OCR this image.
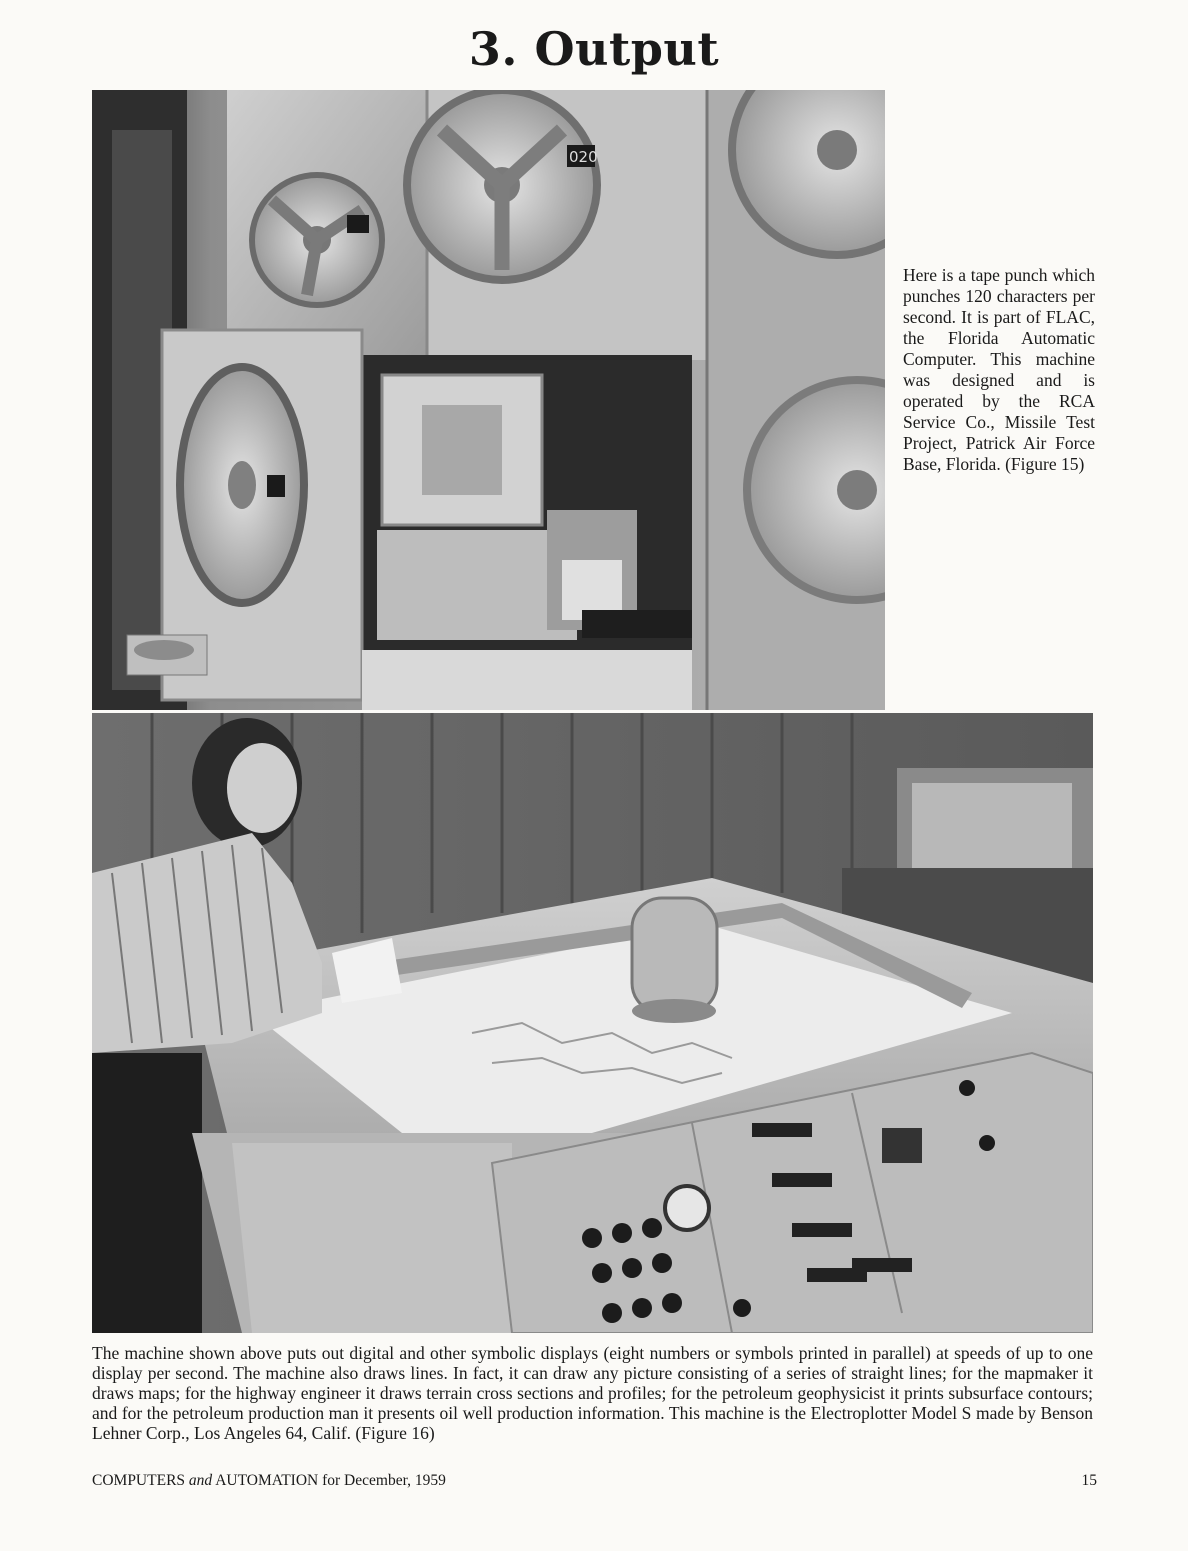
3. Output
020
Here is a tape punch which punches 120 characters per second. It is part of FLAC, the Florida Automatic Computer. This machine was designed and is operated by the RCA Service Co., Missile Test Project, Patrick Air Force Base, Florida. (Figure 15)
The machine shown above puts out digital and other symbolic displays (eight numbers or symbols printed in parallel) at speeds of up to one display per second. The machine also draws lines. In fact, it can draw any picture consisting of a series of straight lines; for the mapmaker it draws maps; for the highway engineer it draws terrain cross sections and profiles; for the petroleum geophysicist it prints subsurface contours; and for the petroleum production man it presents oil well production information. This machine is the Electroplotter Model S made by Benson Lehner Corp., Los Angeles 64, Calif. (Figure 16)
COMPUTERS and AUTOMATION for December, 1959	15
